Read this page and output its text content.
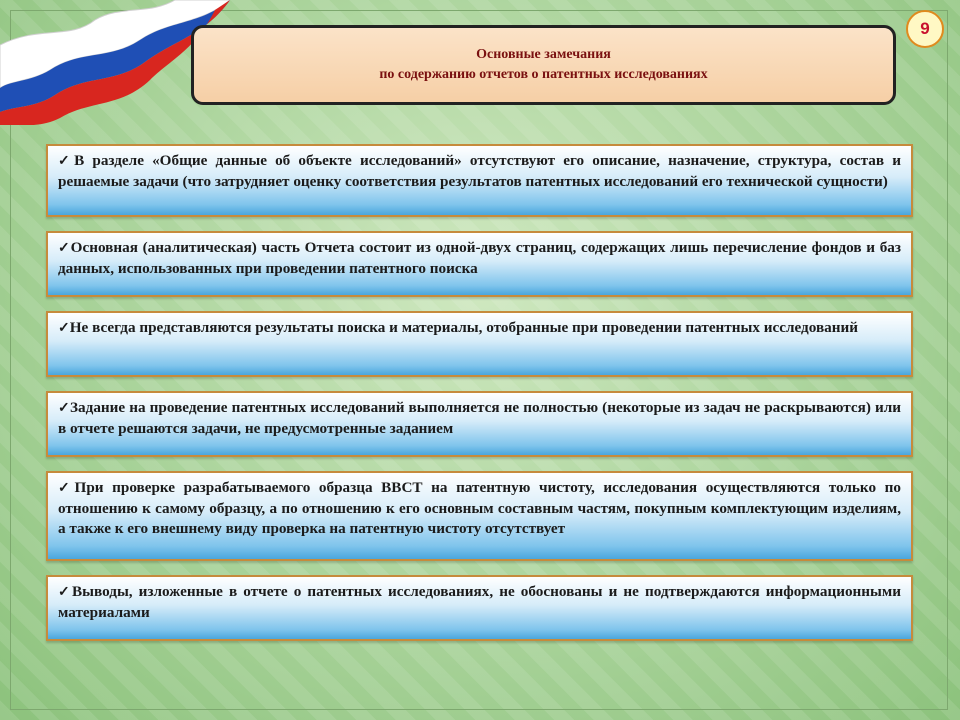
9
Основные замечания
по содержанию отчетов о патентных исследованиях
✓В разделе «Общие данные об объекте исследований» отсутствуют его описание, назначение, структура, состав и решаемые задачи (что затрудняет оценку соответствия результатов патентных исследований его технической сущности)
✓Основная (аналитическая) часть Отчета состоит из одной-двух страниц, содержащих лишь перечисление фондов и баз данных, использованных при проведении патентного поиска
✓Не всегда представляются результаты поиска и материалы, отобранные при проведении патентных исследований
✓Задание на проведение патентных исследований выполняется не полностью (некоторые из задач не раскрываются) или в отчете решаются задачи, не предусмотренные заданием
✓При проверке разрабатываемого образца ВВСТ на патентную чистоту, исследования осуществляются только по отношению к самому образцу, а по отношению к его основным составным частям, покупным комплектующим изделиям, а также к его внешнему виду проверка на патентную чистоту отсутствует
✓Выводы, изложенные в отчете о патентных исследованиях, не обоснованы и не подтверждаются информационными материалами
